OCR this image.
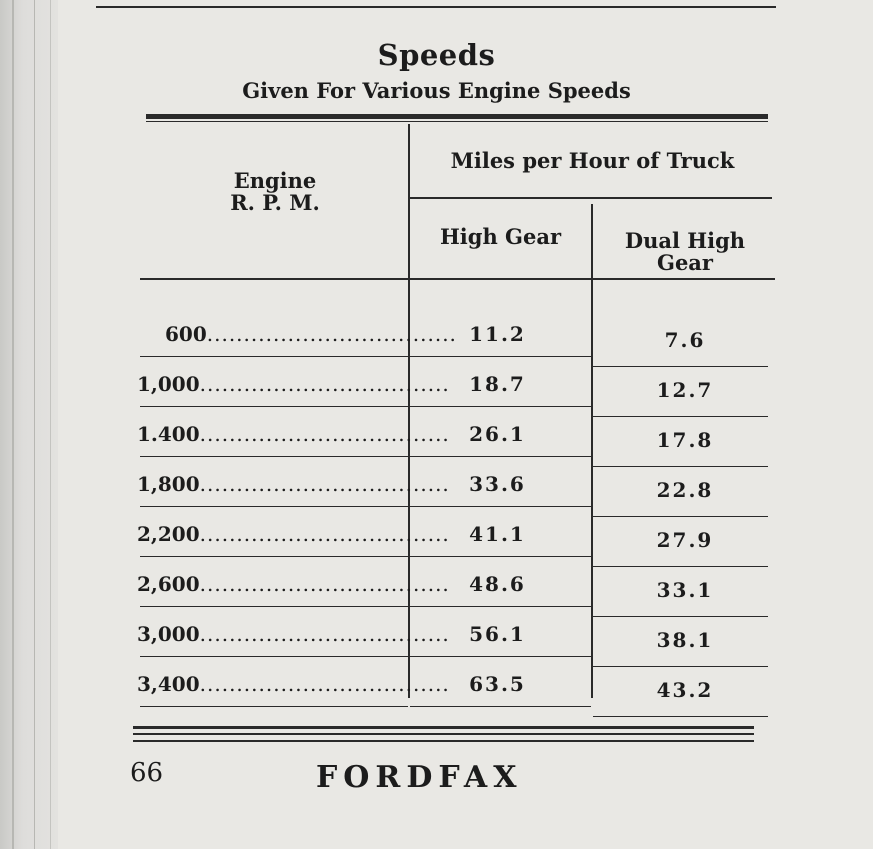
Speeds
Given For Various Engine Speeds
Engine
R. P. M.
Miles per Hour of Truck
High Gear	Dual High
Gear
600.................................. 11.2	7.6
1,000.................................. 18.7	12.7
1.400.................................. 26.1	17.8
1,800.................................. 33.6	22.8
2,200.................................. 41.1	27.9
2,600.................................. 48.6	33.1
3,000.................................. 56.1	38.1
3,400.................................. 63.5	43.2
66	FORDFAX
